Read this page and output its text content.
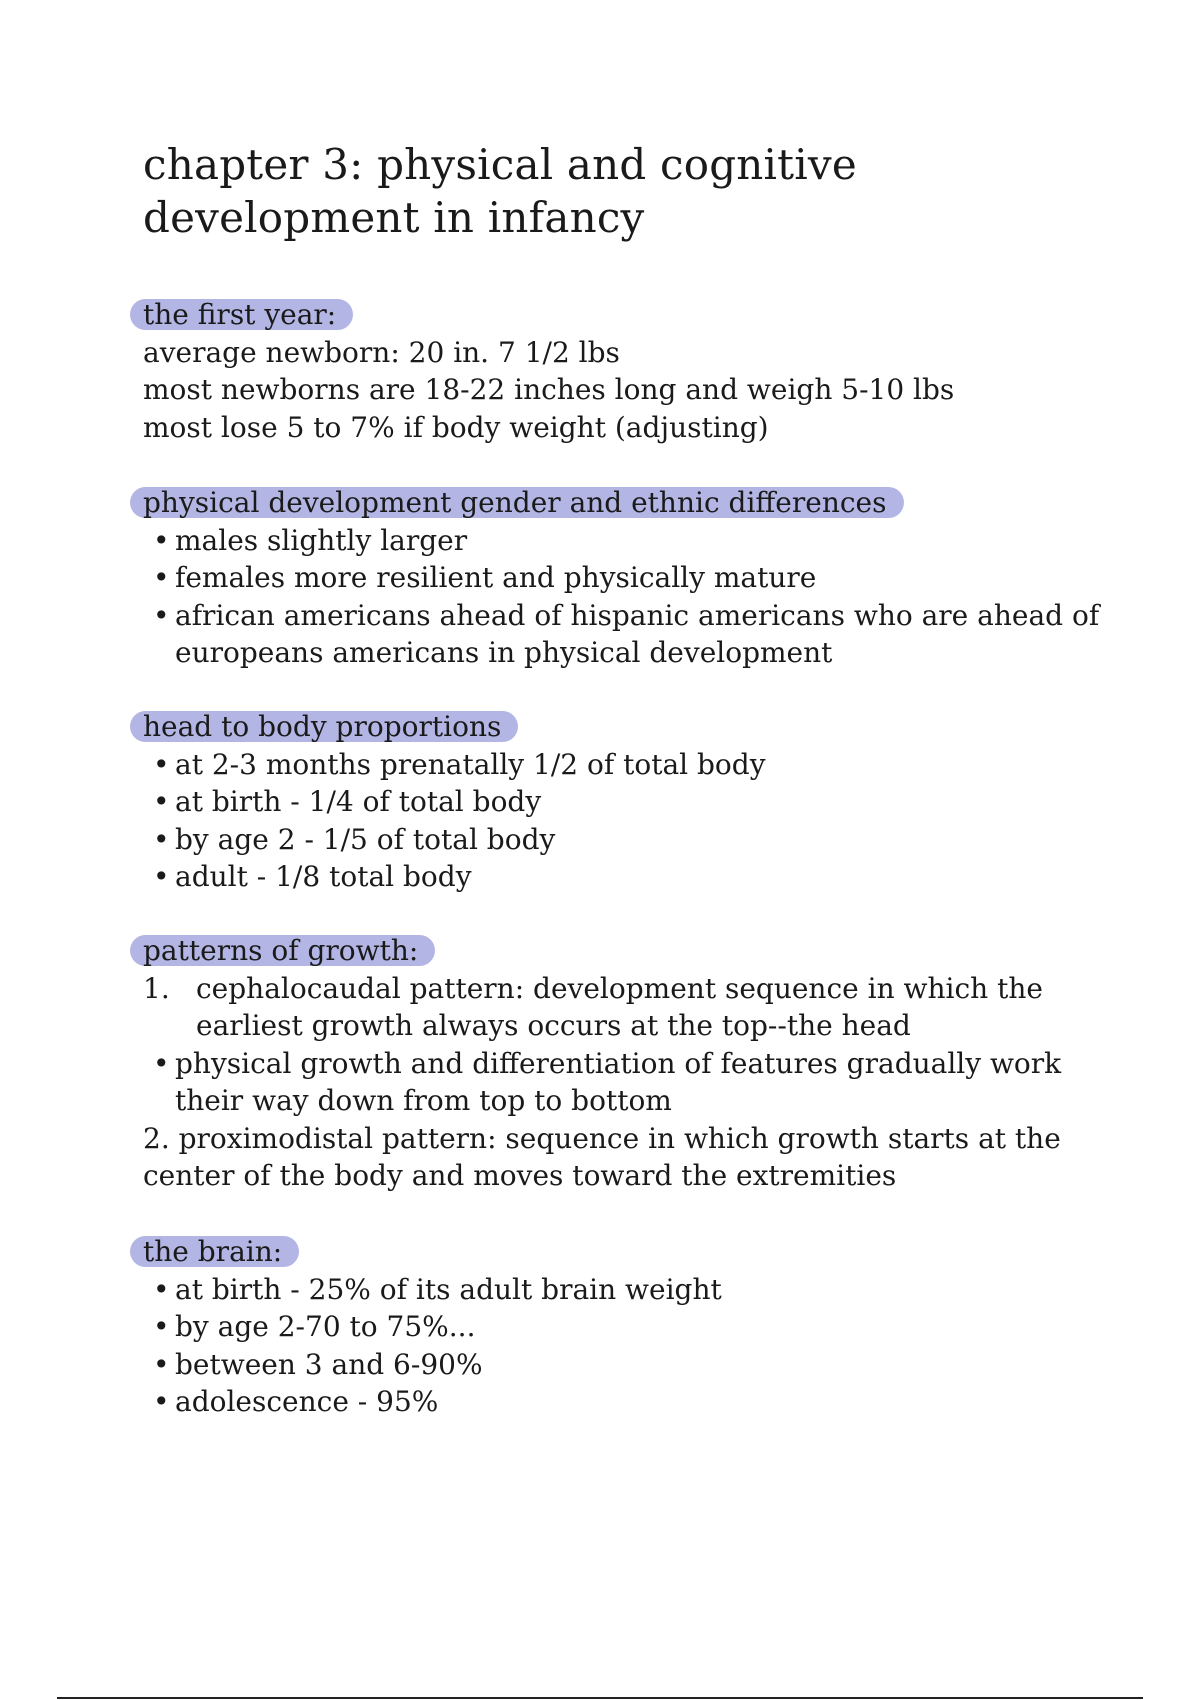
chapter 3: physical and cognitive development in infancy
the first year:
average newborn: 20 in. 7 1/2 lbs
most newborns are 18-22 inches long and weigh 5-10 lbs
most lose 5 to 7% if body weight (adjusting)
physical development gender and ethnic differences
• males slightly larger
• females more resilient and physically mature
• african americans ahead of hispanic americans who are ahead of europeans americans in physical development
head to body proportions
• at 2-3 months prenatally 1/2 of total body
• at birth - 1/4 of total body
• by age 2 - 1/5 of total body
• adult - 1/8 total body
patterns of growth:
1. cephalocaudal pattern: development sequence in which the earliest growth always occurs at the top--the head
• physical growth and differentiation of features gradually work their way down from top to bottom
2. proximodistal pattern: sequence in which growth starts at the center of the body and moves toward the extremities
the brain:
• at birth - 25% of its adult brain weight
• by age 2-70 to 75%...
• between 3 and 6-90%
• adolescence - 95%
